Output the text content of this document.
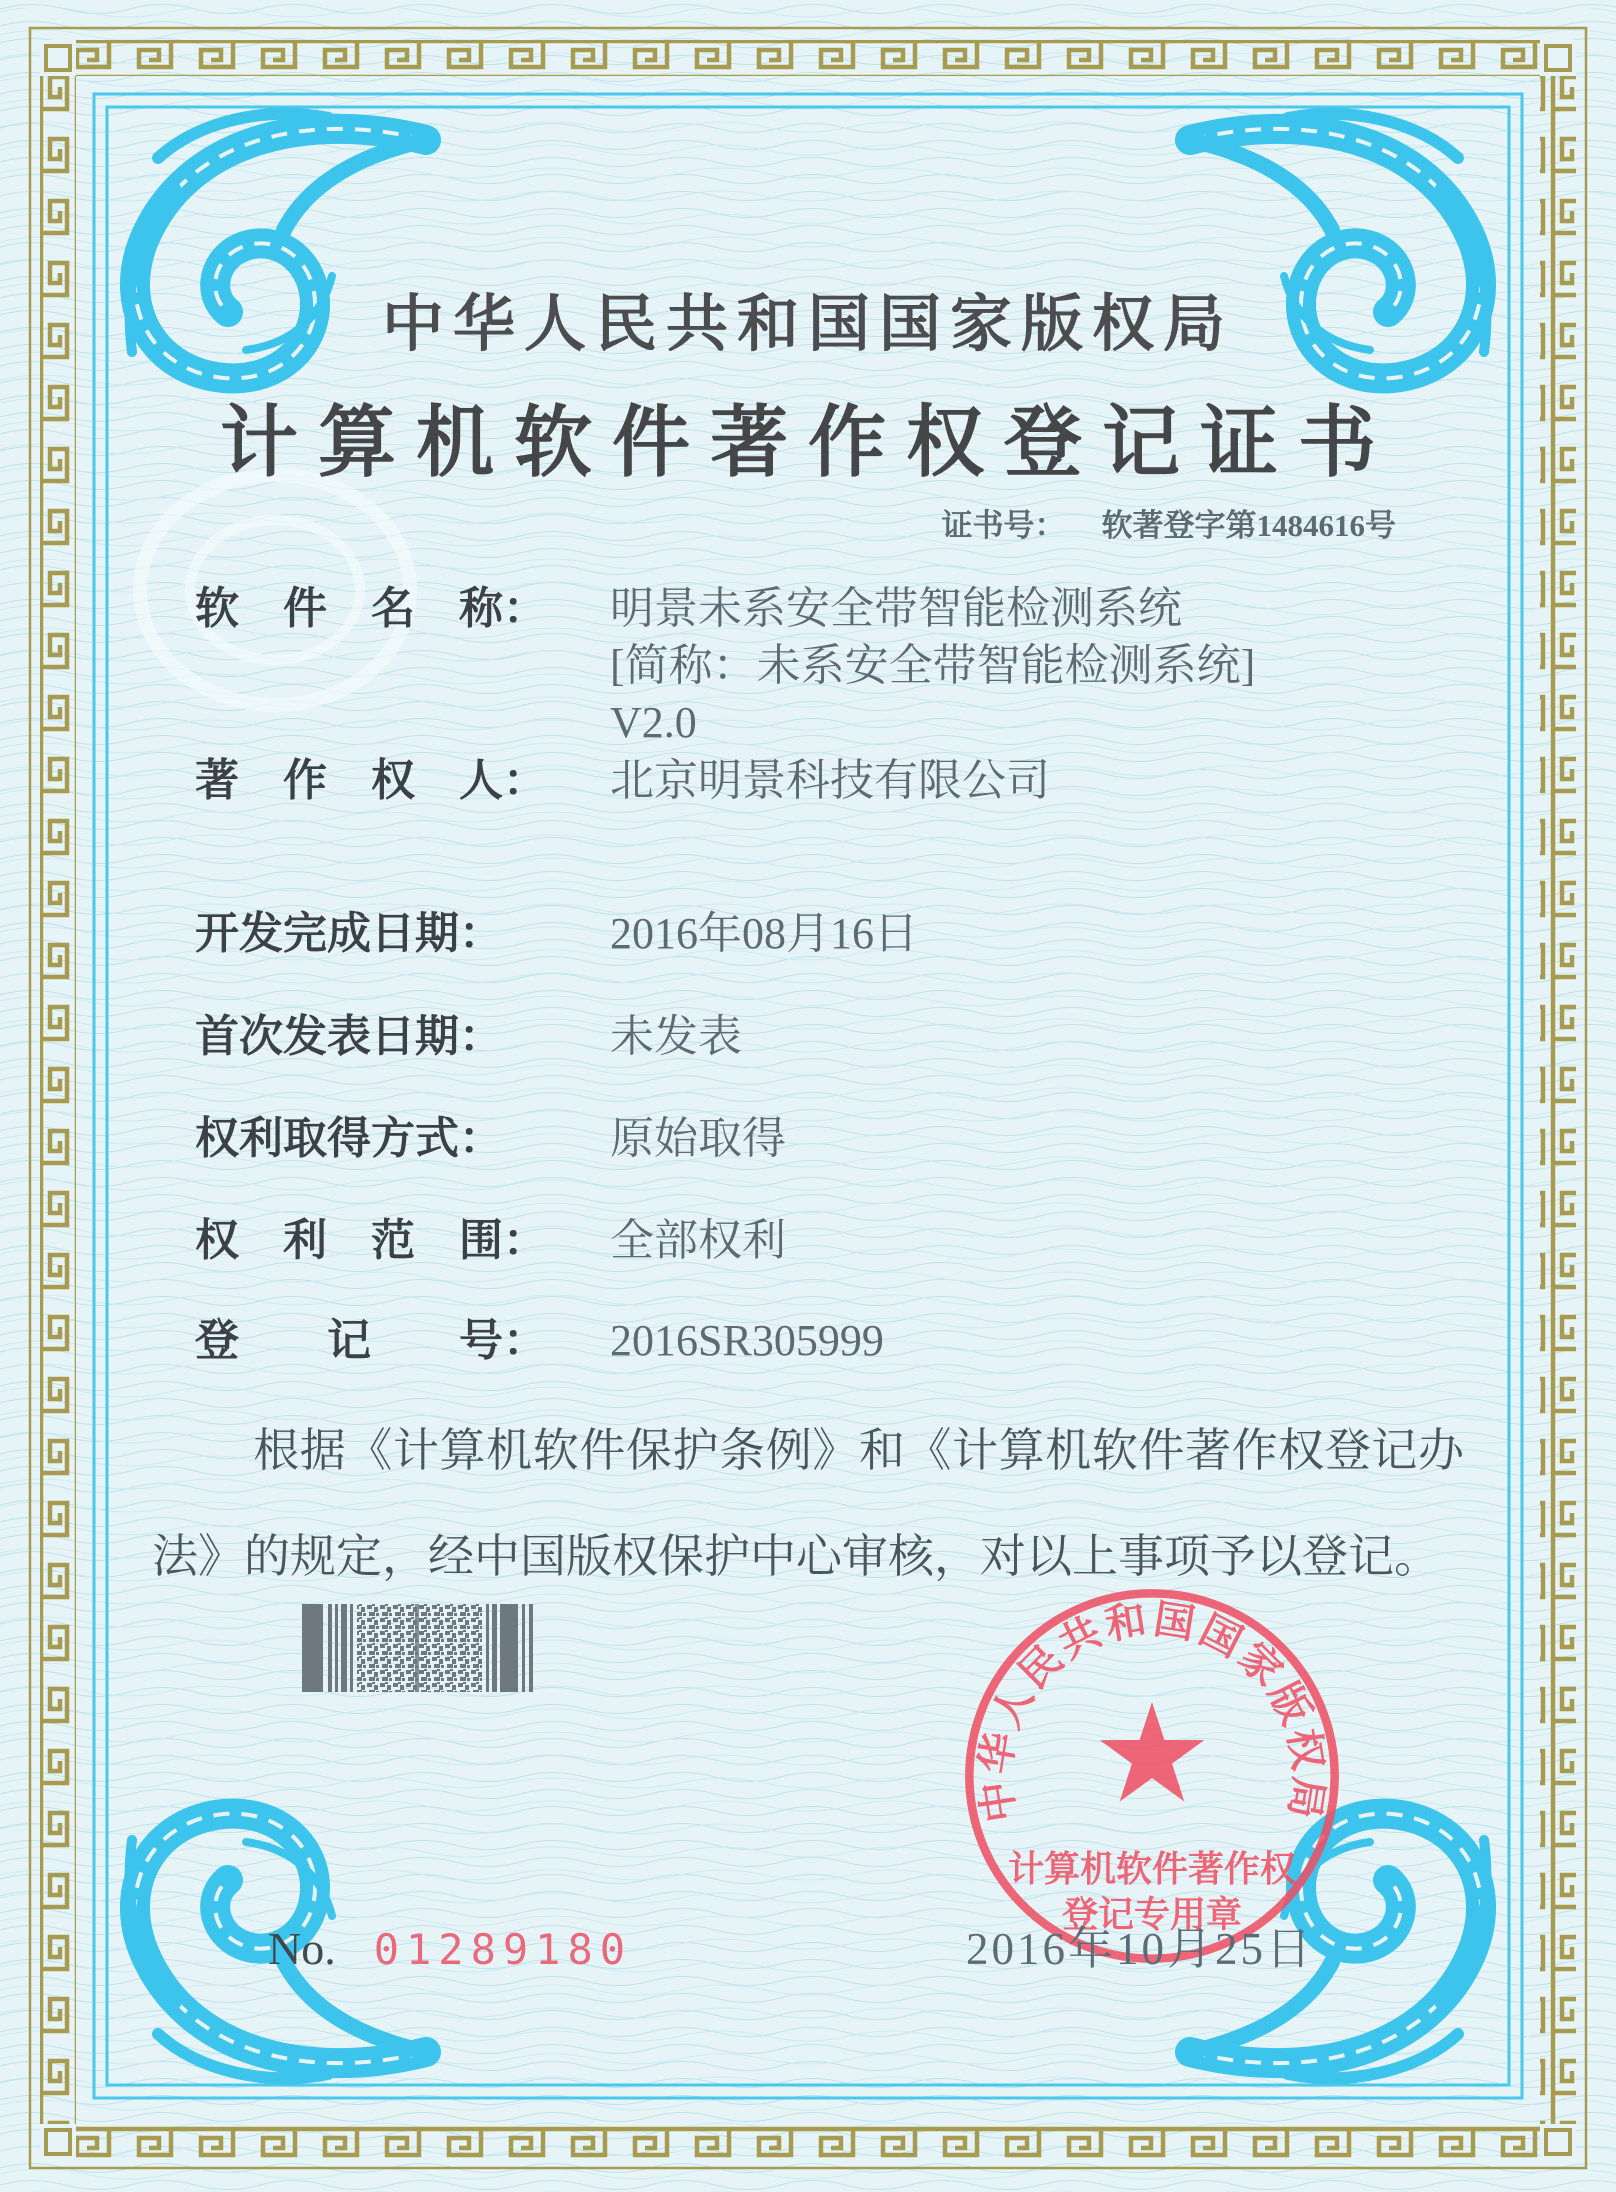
中华人民共和国国家版权局
计算机软件著作权登记证书
证书号： 软著登字第1484616号
软　件　名　称：	明景未系安全带智能检测系统
[简称：未系安全带智能检测系统]
V2.0
著　作　权　人：	北京明景科技有限公司
开发完成日期：	2016年08月16日
首次发表日期：	未发表
权利取得方式：	原始取得
权　利　范　围：	全部权利
登　　记　　号：	2016SR305999
根据《计算机软件保护条例》和《计算机软件著作权登记办法》的规定，经中国版权保护中心审核，对以上事项予以登记。
中华人民共和国国家版权局
计算机软件著作权
登记专用章
2016年10月25日
No. 01289180
